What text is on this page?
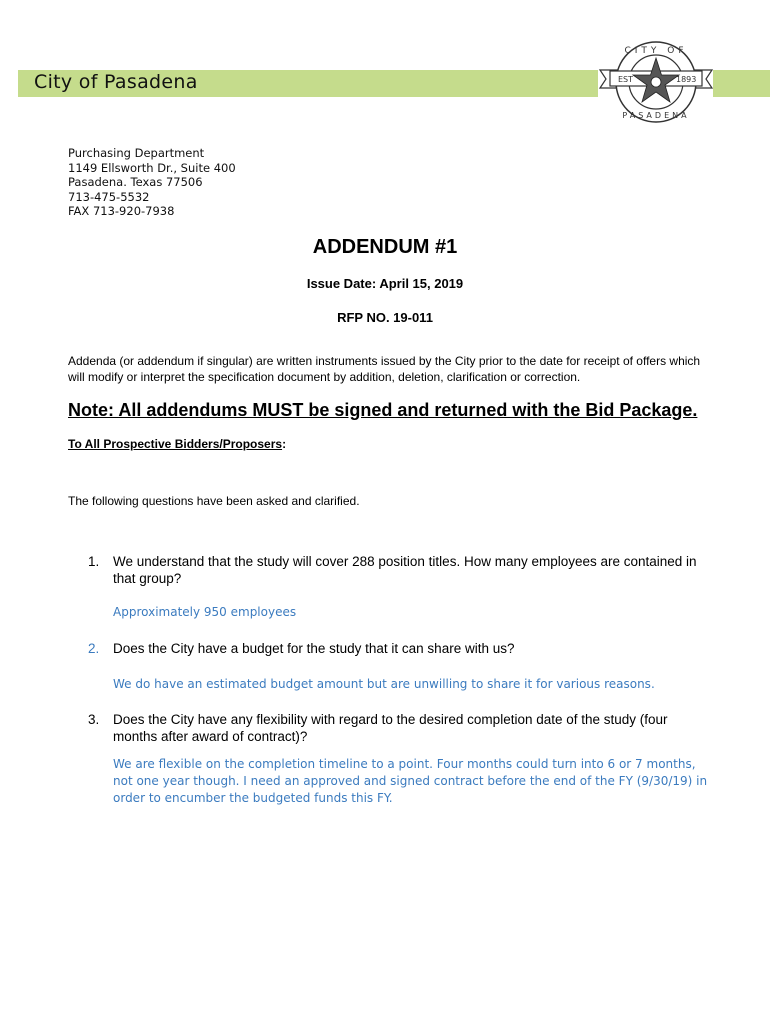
City of Pasadena	EST	1893
CITY OF
PASADENA
Purchasing Department
1149 Ellsworth Dr., Suite 400
Pasadena. Texas 77506
713-475-5532
FAX 713-920-7938
ADDENDUM #1
Issue Date: April 15, 2019
RFP NO. 19-011
Addenda (or addendum if singular) are written instruments issued by the City prior to the date for receipt of offers which will modify or interpret the specification document by addition, deletion, clarification or correction.
Note: All addendums MUST be signed and returned with the Bid Package.
To All Prospective Bidders/Proposers:
The following questions have been asked and clarified.
1. We understand that the study will cover 288 position titles. How many employees are contained in that group?
Approximately 950 employees
2. Does the City have a budget for the study that it can share with us?
We do have an estimated budget amount but are unwilling to share it for various reasons.
3. Does the City have any flexibility with regard to the desired completion date of the study (four months after award of contract)?
We are flexible on the completion timeline to a point. Four months could turn into 6 or 7 months, not one year though. I need an approved and signed contract before the end of the FY (9/30/19) in order to encumber the budgeted funds this FY.
